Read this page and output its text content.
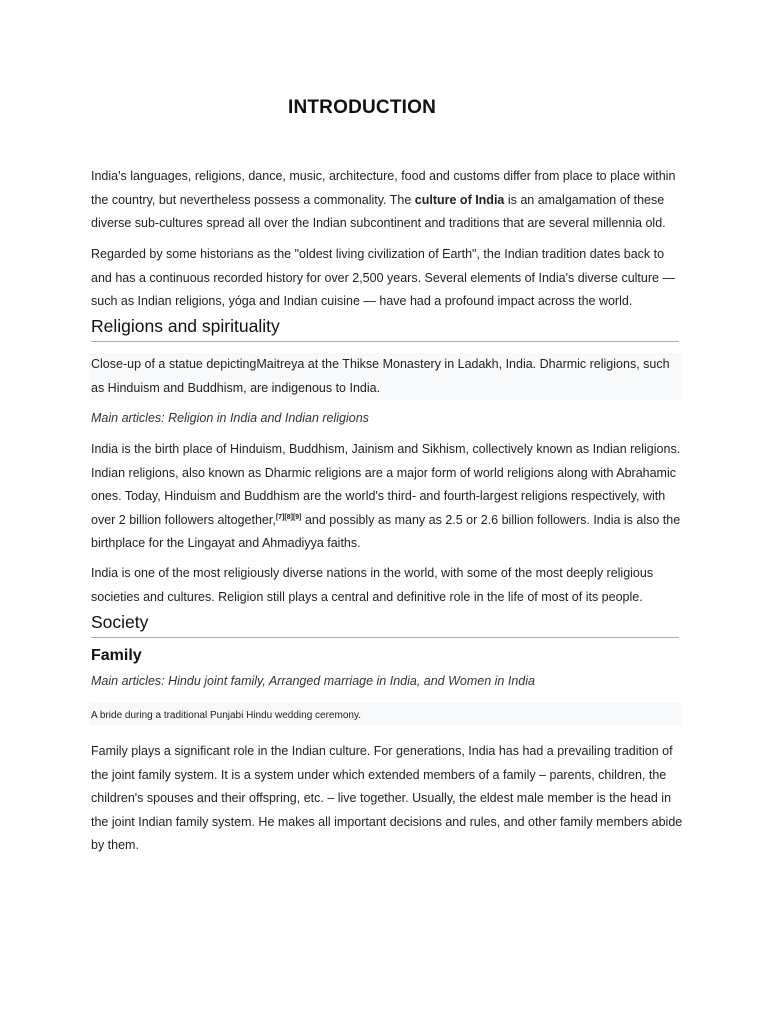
INTRODUCTION

India's languages, religions, dance, music, architecture, food and customs differ from place to place within the country, but nevertheless possess a commonality. The culture of India is an amalgamation of these diverse sub-cultures spread all over the Indian subcontinent and traditions that are several millennia old.

Regarded by some historians as the "oldest living civilization of Earth", the Indian tradition dates back to and has a continuous recorded history for over 2,500 years. Several elements of India's diverse culture — such as Indian religions, yóga and Indian cuisine — have had a profound impact across the world.

Religions and spirituality

Close-up of a statue depictingMaitreya at the Thikse Monastery in Ladakh, India. Dharmic religions, such as Hinduism and Buddhism, are indigenous to India.

Main articles: Religion in India and Indian religions

India is the birth place of Hinduism, Buddhism, Jainism and Sikhism, collectively known as Indian religions. Indian religions, also known as Dharmic religions are a major form of world religions along with Abrahamic ones. Today, Hinduism and Buddhism are the world's third- and fourth-largest religions respectively, with over 2 billion followers altogether,[7][8][9] and possibly as many as 2.5 or 2.6 billion followers. India is also the birthplace for the Lingayat and Ahmadiyya faiths.

India is one of the most religiously diverse nations in the world, with some of the most deeply religious societies and cultures. Religion still plays a central and definitive role in the life of most of its people.

Society
Family
Main articles: Hindu joint family, Arranged marriage in India, and Women in India

A bride during a traditional Punjabi Hindu wedding ceremony.

Family plays a significant role in the Indian culture. For generations, India has had a prevailing tradition of the joint family system. It is a system under which extended members of a family – parents, children, the children's spouses and their offspring, etc. – live together. Usually, the eldest male member is the head in the joint Indian family system. He makes all important decisions and rules, and other family members abide by them.
